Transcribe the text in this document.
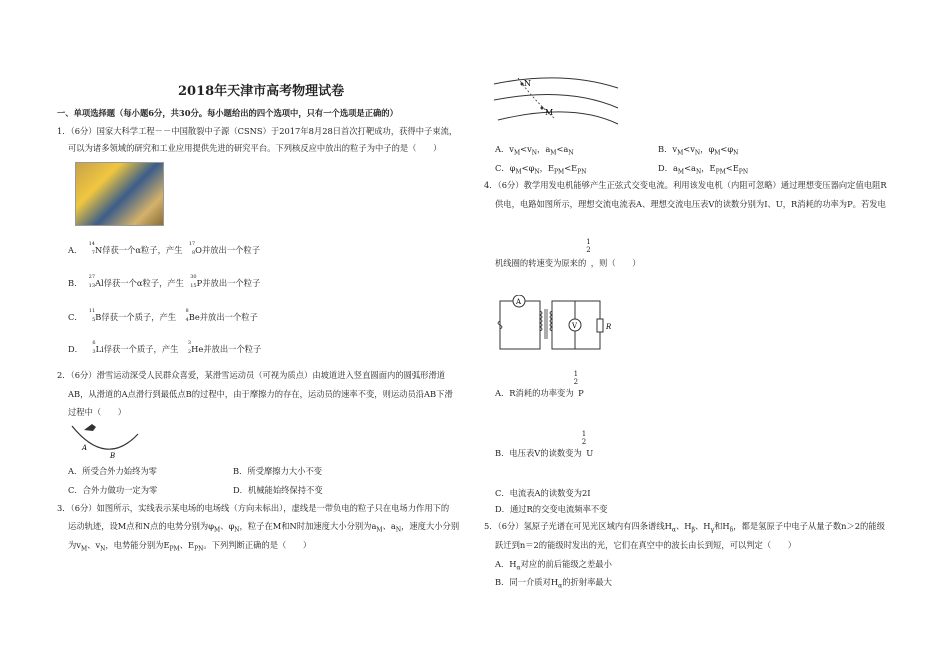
2018年天津市高考物理试卷
一、单项选择题（每小题6分，共30分。每小题给出的四个选项中，只有一个选项是正确的）
1．（6分）国家大科学工程－－中国散裂中子源（CSNS）于2017年8月28日首次打靶成功，获得中子束流，
可以为诸多领域的研究和工业应用提供先进的研究平台。下列核反应中放出的粒子为中子的是（　　）
A．
14
7 N俘获一个α粒子，产生
17
8 O并放出一个粒子
B．
27
13 Al俘获一个α粒子，产生
30
15 P并放出一个粒子
C．
11
5 B俘获一个质子，产生
8
4 Be并放出一个粒子
D．
6
3 Li俘获一个质子，产生
3
2 He并放出一个粒子
2．（6分）滑雪运动深受人民群众喜爱，某滑雪运动员（可视为质点）由坡道进入竖直圆面内的圆弧形滑道
AB，从滑道的A点滑行到最低点B的过程中，由于摩擦力的存在，运动员的速率不变，则运动员沿AB下滑
过程中（　　）
A
B
A．所受合外力始终为零	B．所受摩擦力大小不变
C．合外力做功一定为零	D．机械能始终保持不变
3．（6分）如图所示，实线表示某电场的电场线（方向未标出），虚线是一带负电的粒子只在电场力作用下的
运动轨迹，设M点和N点的电势分别为$\varphi_M$、$\varphi_N$，粒子在M和N时加速度大小分别为$a_M$、$a_N$，速度大小分别
为$v_M$、$v_N$，电势能分别为$E_{PM}$、$E_{PN}$。下列判断正确的是（　　）
N
M
A．$v_M<v_N$，$a_M<a_N$	B．$v_M<v_N$，$\varphi_M<\varphi_N$
C．$\varphi_M<\varphi_N$，$E_{PM}<E_{PN}$	D．$a_M<a_N$，$E_{PM}<E_{PN}$
4．（6分）教学用发电机能够产生正弦式交变电流。利用该发电机（内阻可忽略）通过理想变压器向定值电阻R
供电，电路如图所示，理想交流电流表A、理想交流电压表V的读数分别为I、U，R消耗的功率为P。若发电
机线圈的转速变为原来的
1
2
，则（　　）
A
V	R
A．R消耗的功率变为
1
2
P
B．电压表V的读数变为
1
2
U
C．电流表A的读数变为2I
D．通过R的交变电流频率不变
5．（6分）氢原子光谱在可见光区域内有四条谱线$H_\alpha$、$H_\beta$、$H_\gamma$和$H_\delta$，都是氢原子中电子从量子数n＞2的能级
跃迁到n＝2的能级时发出的光，它们在真空中的波长由长到短，可以判定（　　）
A．$H_\alpha$对应的前后能级之差最小
B．同一介质对$H_\alpha$的折射率最大
